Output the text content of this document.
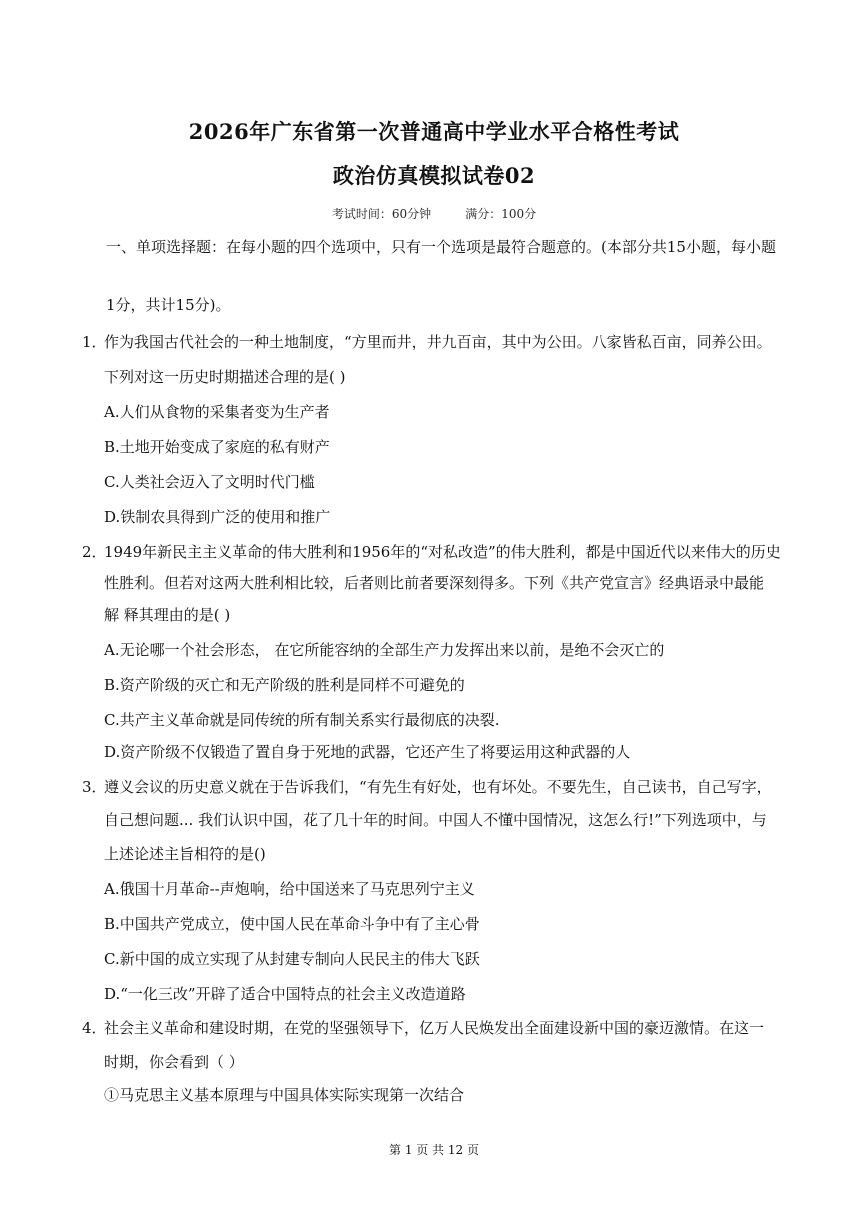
2026年广东省第一次普通高中学业水平合格性考试
政治仿真模拟试卷02
考试时间：60分钟	满分：100分
一、单项选择题：在每小题的四个选项中，只有一个选项是最符合题意的。(本部分共15小题，每小题
1分，共计15分)。
1．作为我国古代社会的一种土地制度，“方里而井，井九百亩，其中为公田。八家皆私百亩，同养公田。
下列对这一历史时期描述合理的是( )
A.人们从食物的采集者变为生产者
B.土地开始变成了家庭的私有财产
C.人类社会迈入了文明时代门槛
D.铁制农具得到广泛的使用和推广
2．1949年新民主主义革命的伟大胜利和1956年的“对私改造”的伟大胜利，都是中国近代以来伟大的历史
性胜利。但若对这两大胜利相比较，后者则比前者要深刻得多。下列《共产党宣言》经典语录中最能
解 释其理由的是( )
A.无论哪一个社会形态， 在它所能容纳的全部生产力发挥出来以前，是绝不会灭亡的
B.资产阶级的灭亡和无产阶级的胜利是同样不可避免的
C.共产主义革命就是同传统的所有制关系实行最彻底的决裂.
D.资产阶级不仅锻造了置自身于死地的武器，它还产生了将要运用这种武器的人
3．遵义会议的历史意义就在于告诉我们，“有先生有好处，也有坏处。不要先生，自己读书，自己写字，
自己想问题... 我们认识中国，花了几十年的时间。中国人不懂中国情况，这怎么行!”下列选项中，与
上述论述主旨相符的是()
A.俄国十月革命--声炮响，给中国送来了马克思列宁主义
B.中国共产党成立，使中国人民在革命斗争中有了主心骨
C.新中国的成立实现了从封建专制向人民民主的伟大飞跃
D.“一化三改”开辟了适合中国特点的社会主义改造道路
4．社会主义革命和建设时期，在党的坚强领导下，亿万人民焕发出全面建设新中国的豪迈激情。在这一
时期，你会看到（ ）
①马克思主义基本原理与中国具体实际实现第一次结合
第 1 页 共 12 页
